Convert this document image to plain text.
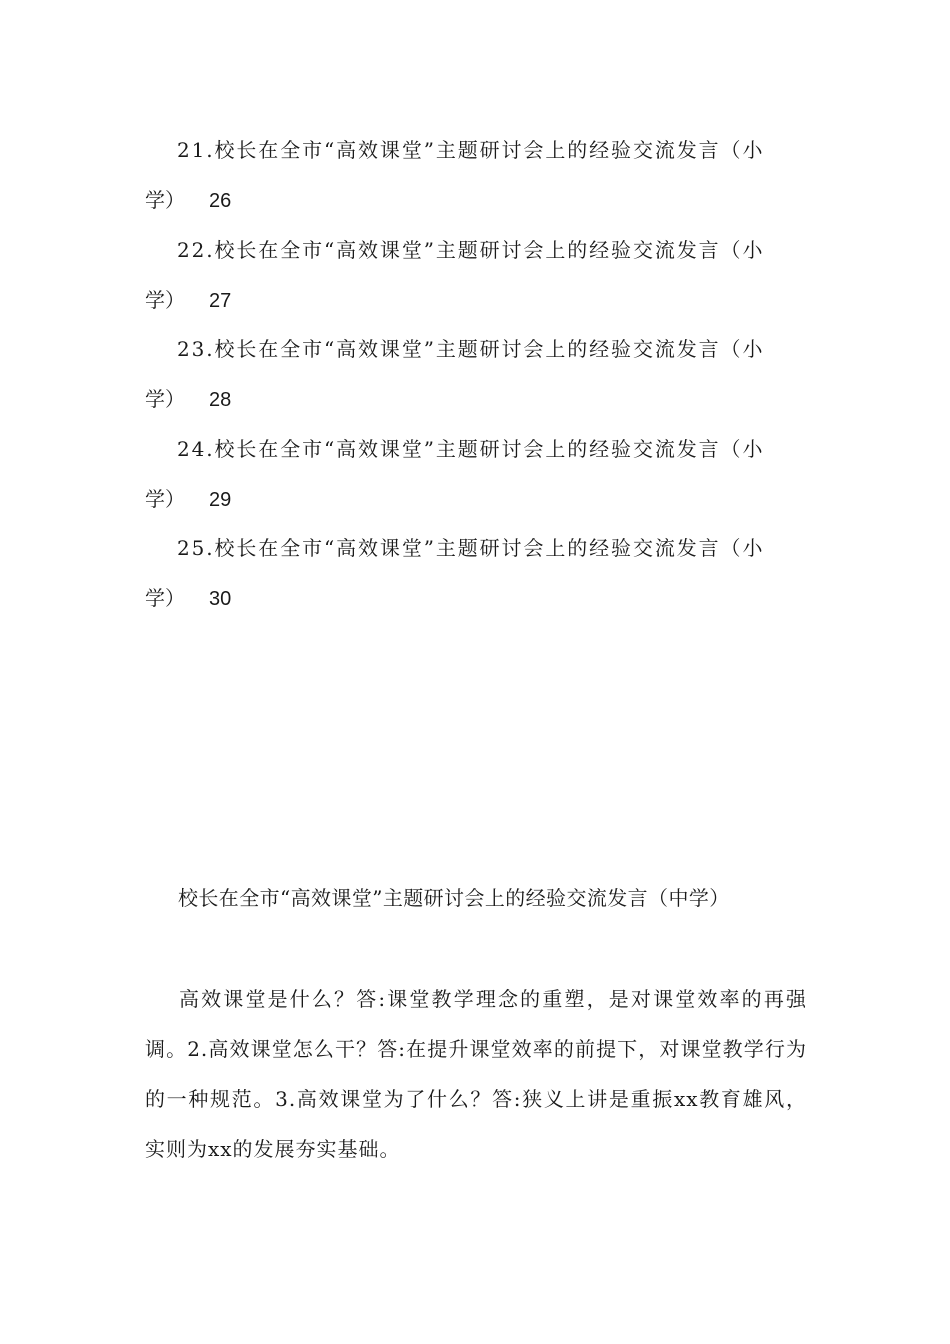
21.校长在全市“高效课堂”主题研讨会上的经验交流发言（小
学） 26
22.校长在全市“高效课堂”主题研讨会上的经验交流发言（小
学） 27
23.校长在全市“高效课堂”主题研讨会上的经验交流发言（小
学） 28
24.校长在全市“高效课堂”主题研讨会上的经验交流发言（小
学） 29
25.校长在全市“高效课堂”主题研讨会上的经验交流发言（小
学） 30
校长在全市“高效课堂”主题研讨会上的经验交流发言（中学）
高效课堂是什么？答:课堂教学理念的重塑，是对课堂效率的再强调。2.高效课堂怎么干？答:在提升课堂效率的前提下，对课堂教学行为的一种规范。3.高效课堂为了什么？答:狭义上讲是重振xx教育雄风，实则为xx的发展夯实基础。
